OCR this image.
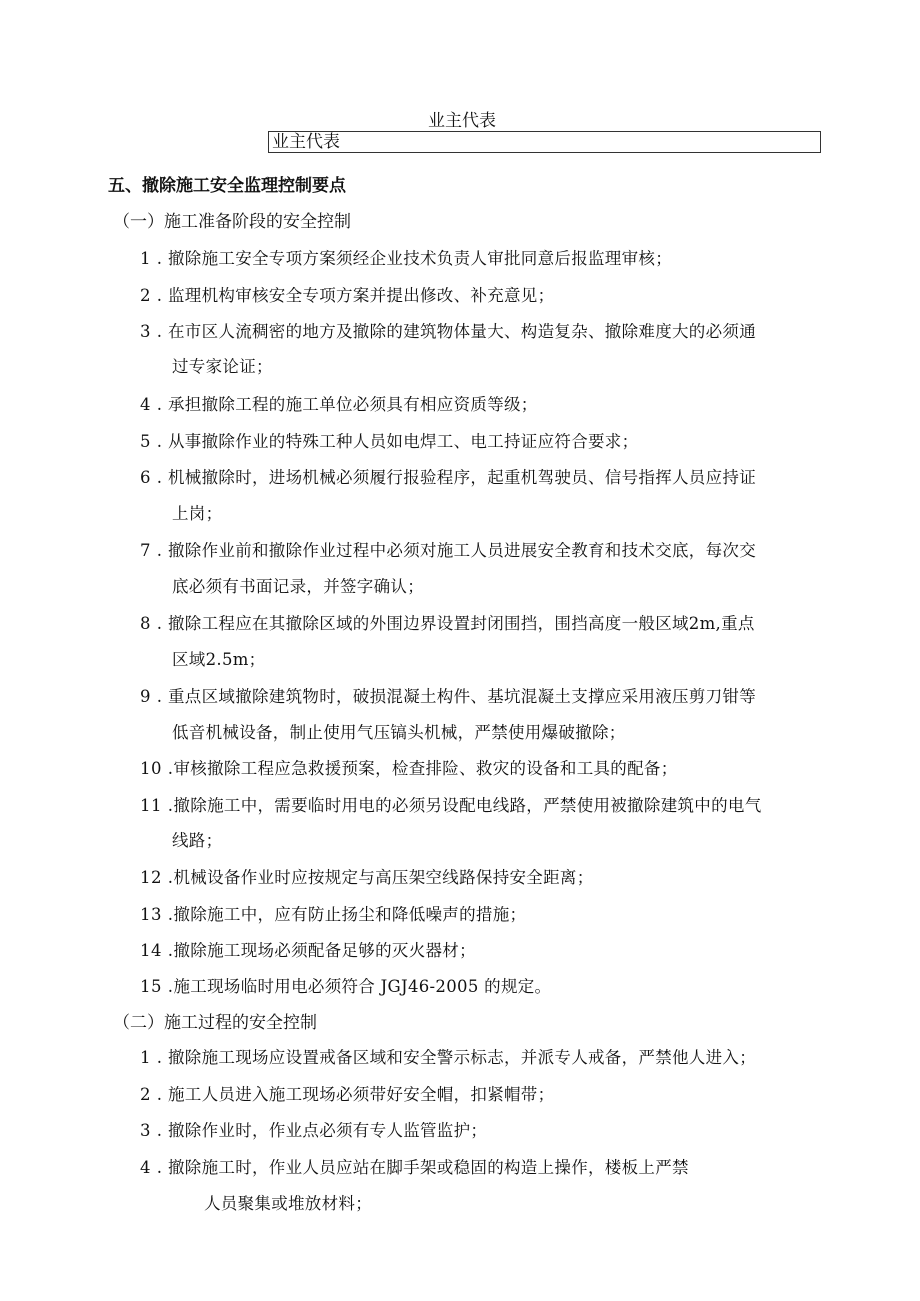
业主代表
业主代表
五、撤除施工安全监理控制要点
（一）施工准备阶段的安全控制
1 . 撤除施工安全专项方案须经企业技术负责人审批同意后报监理审核；
2 . 监理机构审核安全专项方案并提出修改、补充意见；
3 . 在市区人流稠密的地方及撤除的建筑物体量大、构造复杂、撤除难度大的必须通
过专家论证；
4 . 承担撤除工程的施工单位必须具有相应资质等级；
5 . 从事撤除作业的特殊工种人员如电焊工、电工持证应符合要求；
6 . 机械撤除时，进场机械必须履行报验程序，起重机驾驶员、信号指挥人员应持证
上岗；
7 . 撤除作业前和撤除作业过程中必须对施工人员进展安全教育和技术交底，每次交
底必须有书面记录，并签字确认；
8 . 撤除工程应在其撤除区域的外围边界设置封闭围挡，围挡高度一般区域2m,重点
区域2.5m；
9 . 重点区域撤除建筑物时，破损混凝土构件、基坑混凝土支撑应采用液压剪刀钳等
低音机械设备，制止使用气压镐头机械，严禁使用爆破撤除；
10 .审核撤除工程应急救援预案，检查排险、救灾的设备和工具的配备；
11 .撤除施工中，需要临时用电的必须另设配电线路，严禁使用被撤除建筑中的电气
线路；
12 .机械设备作业时应按规定与高压架空线路保持安全距离；
13 .撤除施工中，应有防止扬尘和降低噪声的措施；
14 .撤除施工现场必须配备足够的灭火器材；
15 .施工现场临时用电必须符合 JGJ46-2005 的规定。
（二）施工过程的安全控制
1 . 撤除施工现场应设置戒备区域和安全警示标志，并派专人戒备，严禁他人进入；
2 . 施工人员进入施工现场必须带好安全帽，扣紧帽带；
3 . 撤除作业时，作业点必须有专人监管监护；
4 . 撤除施工时，作业人员应站在脚手架或稳固的构造上操作，楼板上严禁
人员聚集或堆放材料；
